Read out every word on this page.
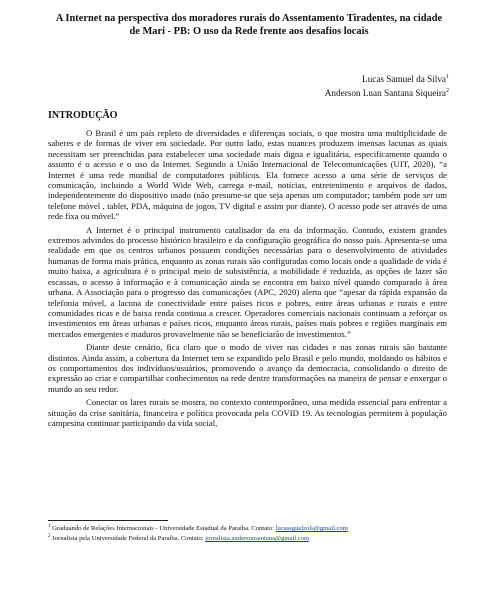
A Internet na perspectiva dos moradores rurais do Assentamento Tiradentes, na cidade de Mari - PB: O uso da Rede frente aos desafios locais
Lucas Samuel da Silva$^1$
Anderson Luan Santana Siqueira$^2$
INTRODUÇÃO

O Brasil é um país repleto de diversidades e diferenças sociais, o que mostra uma multiplicidade de saberes e de formas de viver em sociedade. Por outro lado, estas nuances produzem imensas lacunas as quais necessitam ser preenchidas para estabelecer uma sociedade mais digna e igualitária, especificamente quando o assunto é o acesso e o uso da Internet. Segundo a União Internacional de Telecomunicações (UIT, 2020), “a Internet é uma rede mundial de computadores públicos. Ela fornece acesso a uma série de serviços de comunicação, incluindo a World Wide Web, carrega e-mail, notícias, entretenimento e arquivos de dados, independentemente do dispositivo usado (não presume-se que seja apenas um computador; também pode ser um telefone móvel , tablet, PDA, máquina de jogos, TV digital e assim por diante). O acesso pode ser através de uma rede fixa ou móvel.”

A Internet é o principal instrumento catalisador da era da informação. Contudo, existem grandes extremos advindos do processo histórico brasileiro e da configuração geográfica do nosso país. Apresenta-se uma realidade em que os centros urbanos possuem condições necessárias para o desenvolvimento de atividades humanas de forma mais prática, enquanto as zonas rurais são configuradas como locais onde a qualidade de vida é muito baixa, a agricultura é o principal meio de subsistência, a mobilidade é reduzida, as opções de lazer são escassas, o acesso à informação e à comunicação ainda se encontra em baixo nível quando comparado à área urbana. A Associação para o progresso das comunicações (APC, 2020) alerta que “apesar da rápida expansão da telefonia móvel, a lacuna de conectividade entre países ricos e pobres, entre áreas urbanas e rurais e entre comunidades ricas e de baixa renda continua a crescer. Operadores comerciais nacionais continuam a reforçar os investimentos em áreas urbanas e países ricos, enquanto áreas rurais, países mais pobres e regiões marginais em mercados emergentes e maduros provavelmente não se beneficiarão de investimentos.”

Diante deste cenário, fica claro que o modo de viver nas cidades e nas zonas rurais são bastante distintos. Ainda assim, a cobertura da Internet tem se expandido pelo Brasil e pelo mundo, moldando os hábitos e os comportamentos dos indivíduos/usuários, promovendo o avanço da democracia, consolidando o direito de expressão ao criar e compartilhar conhecimentos na rede dentre transformações na maneira de pensar e enxergar o mundo ao seu redor.

Conectar os lares rurais se mostra, no contexto contemporâneo, uma medida essencial para enfrentar a situação da crise sanitária, financeira e política provocada pela COVID 19. As tecnologias permitem à população campesina continuar participando da vida social,

$^1$ Graduando de Relações Internacionais - Universidade Estadual da Paraíba. Contato: lucassguelzols@gmail.com
$^2$ Jornalista pela Universidade Federal da Paraíba. Contato: jornalista.andersonsantana@gmail.com
